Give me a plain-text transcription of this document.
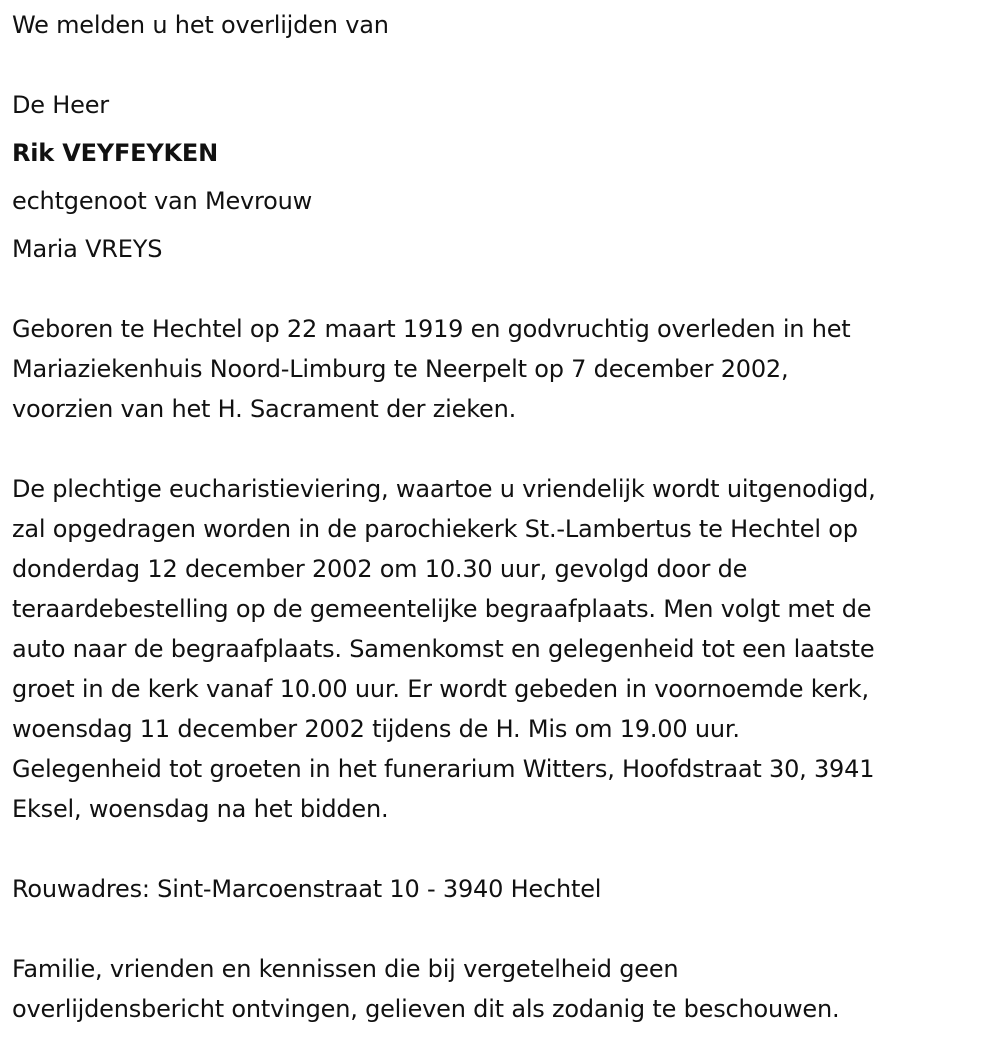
We melden u het overlijden van
De Heer
Rik VEYFEYKEN
echtgenoot van Mevrouw
Maria VREYS
Geboren te Hechtel op 22 maart 1919 en godvruchtig overleden in het
Mariaziekenhuis Noord-Limburg te Neerpelt op 7 december 2002,
voorzien van het H. Sacrament der zieken.
De plechtige eucharistieviering, waartoe u vriendelijk wordt uitgenodigd,
zal opgedragen worden in de parochiekerk St.-Lambertus te Hechtel op
donderdag 12 december 2002 om 10.30 uur, gevolgd door de
teraardebestelling op de gemeentelijke begraafplaats. Men volgt met de
auto naar de begraafplaats. Samenkomst en gelegenheid tot een laatste
groet in de kerk vanaf 10.00 uur. Er wordt gebeden in voornoemde kerk,
woensdag 11 december 2002 tijdens de H. Mis om 19.00 uur.
Gelegenheid tot groeten in het funerarium Witters, Hoofdstraat 30, 3941
Eksel, woensdag na het bidden.
Rouwadres: Sint-Marcoenstraat 10 - 3940 Hechtel
Familie, vrienden en kennissen die bij vergetelheid geen
overlijdensbericht ontvingen, gelieven dit als zodanig te beschouwen.
